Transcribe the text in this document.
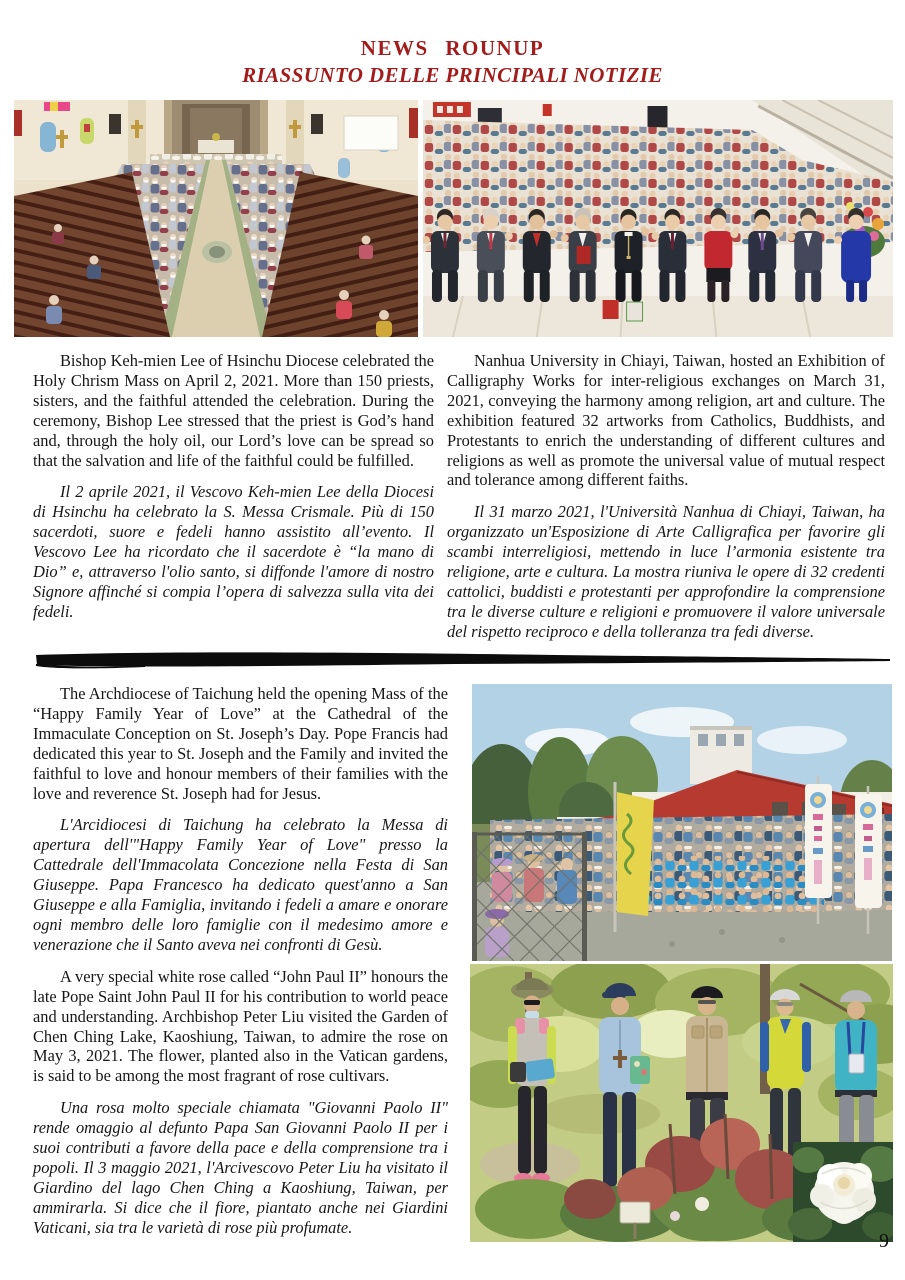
NEWS ROUNUP
RIASSUNTO DELLE PRINCIPALI NOTIZIE

Bishop Keh-mien Lee of Hsinchu Diocese celebrated the Holy Chrism Mass on April 2, 2021. More than 150 priests, sisters, and the faithful attended the celebration. During the ceremony, Bishop Lee stressed that the priest is God’s hand and, through the holy oil, our Lord’s love can be spread so that the salvation and life of the faithful could be fulfilled.

Il 2 aprile 2021, il Vescovo Keh-mien Lee della Diocesi di Hsinchu ha celebrato la S. Messa Crismale. Più di 150 sacerdoti, suore e fedeli hanno assistito all’evento. Il Vescovo Lee ha ricordato che il sacerdote è “la mano di Dio” e, attraverso l'olio santo, si diffonde l'amore di nostro Signore affinché si compia l’opera di salvezza sulla vita dei fedeli.

Nanhua University in Chiayi, Taiwan, hosted an Exhibition of Calligraphy Works for inter-religious exchanges on March 31, 2021, conveying the harmony among religion, art and culture. The exhibition featured 32 artworks from Catholics, Buddhists, and Protestants to enrich the understanding of different cultures and religions as well as promote the universal value of mutual respect and tolerance among different faiths.

Il 31 marzo 2021, l'Università Nanhua di Chiayi, Taiwan, ha organizzato un'Esposizione di Arte Calligrafica per favorire gli scambi interreligiosi, mettendo in luce l’armonia esistente tra religione, arte e cultura. La mostra riuniva le opere di 32 credenti cattolici, buddisti e protestanti per approfondire la comprensione tra le diverse culture e religioni e promuovere il valore universale del rispetto reciproco e della tolleranza tra fedi diverse.

The Archdiocese of Taichung held the opening Mass of the “Happy Family Year of Love” at the Cathedral of the Immaculate Conception on St. Joseph’s Day. Pope Francis had dedicated this year to St. Joseph and the Family and invited the faithful to love and honour members of their families with the love and reverence St. Joseph had for Jesus.

L'Arcidiocesi di Taichung ha celebrato la Messa di apertura dell'"Happy Family Year of Love" presso la Cattedrale dell'Immacolata Concezione nella Festa di San Giuseppe. Papa Francesco ha dedicato quest'anno a San Giuseppe e alla Famiglia, invitando i fedeli a amare e onorare ogni membro delle loro famiglie con il medesimo amore e venerazione che il Santo aveva nei confronti di Gesù.

A very special white rose called “John Paul II” honours the late Pope Saint John Paul II for his contribution to world peace and understanding. Archbishop Peter Liu visited the Garden of Chen Ching Lake, Kaoshiung, Taiwan, to admire the rose on May 3, 2021. The flower, planted also in the Vatican gardens, is said to be among the most fragrant of rose cultivars.

Una rosa molto speciale chiamata "Giovanni Paolo II" rende omaggio al defunto Papa San Giovanni Paolo II per i suoi contributi a favore della pace e della comprensione tra i popoli. Il 3 maggio 2021, l'Arcivescovo Peter Liu ha visitato il Giardino del lago Chen Ching a Kaoshiung, Taiwan, per ammirarla. Si dice che il fiore, piantato anche nei Giardini Vaticani, sia tra le varietà di rose più profumate.

9
